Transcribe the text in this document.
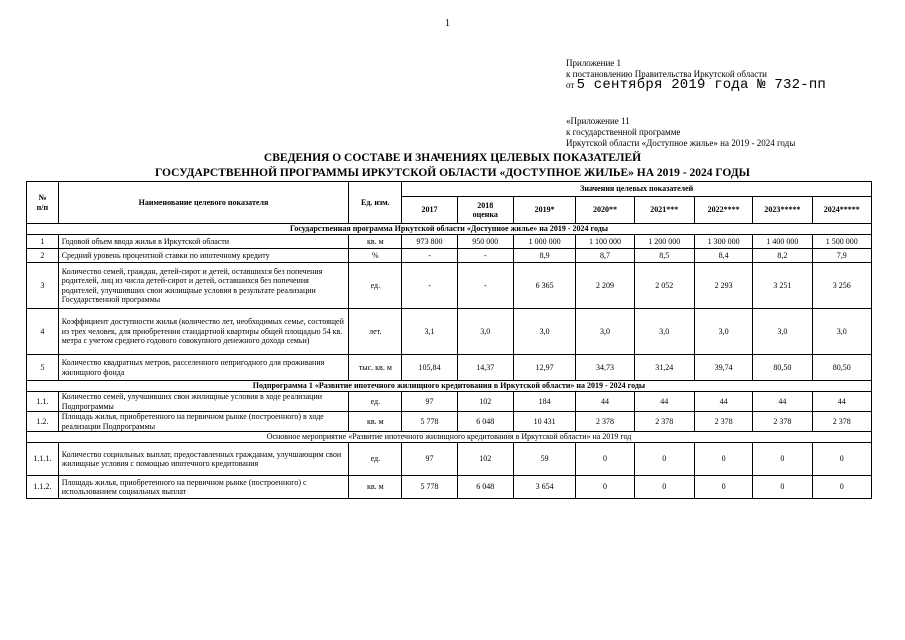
1
Приложение 1
к постановлению Правительства Иркутской области
от 5 сентября 2019 года № 732-пп
«Приложение 11
к государственной программе
Иркутской области «Доступное жилье» на 2019 - 2024 годы
СВЕДЕНИЯ О СОСТАВЕ И ЗНАЧЕНИЯХ ЦЕЛЕВЫХ ПОКАЗАТЕЛЕЙ
ГОСУДАРСТВЕННОЙ ПРОГРАММЫ ИРКУТСКОЙ ОБЛАСТИ «ДОСТУПНОЕ ЖИЛЬЕ» НА 2019 - 2024 ГОДЫ
№
п/п	Наименование целевого показателя	Ед. изм.	Значения целевых показателей							
			2017	2018
оценка	2019*	2020**	2021***	2022****	2023*****	2024*****
Государственная программа Иркутской области «Доступное жилье» на 2019 - 2024 годы										
1	Годовой объем ввода жилья в Иркутской области	кв. м	973 800	950 000	1 000 000	1 100 000	1 200 000	1 300 000	1 400 000	1 500 000
2	Средний уровень процентной ставки по ипотечному кредиту	%	-	-	8,9	8,7	8,5	8,4	8,2	7,9
3	Количество семей, граждан, детей-сирот и детей, оставшихся без попечения родителей, лиц из числа детей-сирот и детей, оставшихся без попечения родителей, улучшивших свои жилищные условия в результате реализации Государственной программы	ед.	-	-	6 365	2 209	2 052	2 293	3 251	3 256
4	Коэффициент доступности жилья (количество лет, необходимых семье, состоящей из трех человек, для приобретения стандартной квартиры общей площадью 54 кв. метра с учетом среднего годового совокупного денежного дохода семьи)	лет.	3,1	3,0	3,0	3,0	3,0	3,0	3,0	3,0
5	Количество квадратных метров, расселенного непригодного для проживания жилищного фонда	тыс. кв. м	105,84	14,37	12,97	34,73	31,24	39,74	80,50	80,50
Подпрограмма 1 «Развитие ипотечного жилищного кредитования в Иркутской области» на 2019 - 2024 годы										
1.1.	Количество семей, улучшивших свои жилищные условия в ходе реализации Подпрограммы	ед.	97	102	184	44	44	44	44	44
1.2.	Площадь жилья, приобретенного на первичном рынке (построенного) в ходе реализации Подпрограммы	кв. м	5 778	6 048	10 431	2 378	2 378	2 378	2 378	2 378
Основное мероприятие «Развитие ипотечного жилищного кредитования в Иркутской области» на 2019 год										
1.1.1.	Количество социальных выплат, предоставленных гражданам, улучшающим свои жилищные условия с помощью ипотечного кредитования	ед.	97	102	59	0	0	0	0	0
1.1.2.	Площадь жилья, приобретенного на первичном рынке (построенного) с использованием социальных выплат	кв. м	5 778	6 048	3 654	0	0	0	0	0
